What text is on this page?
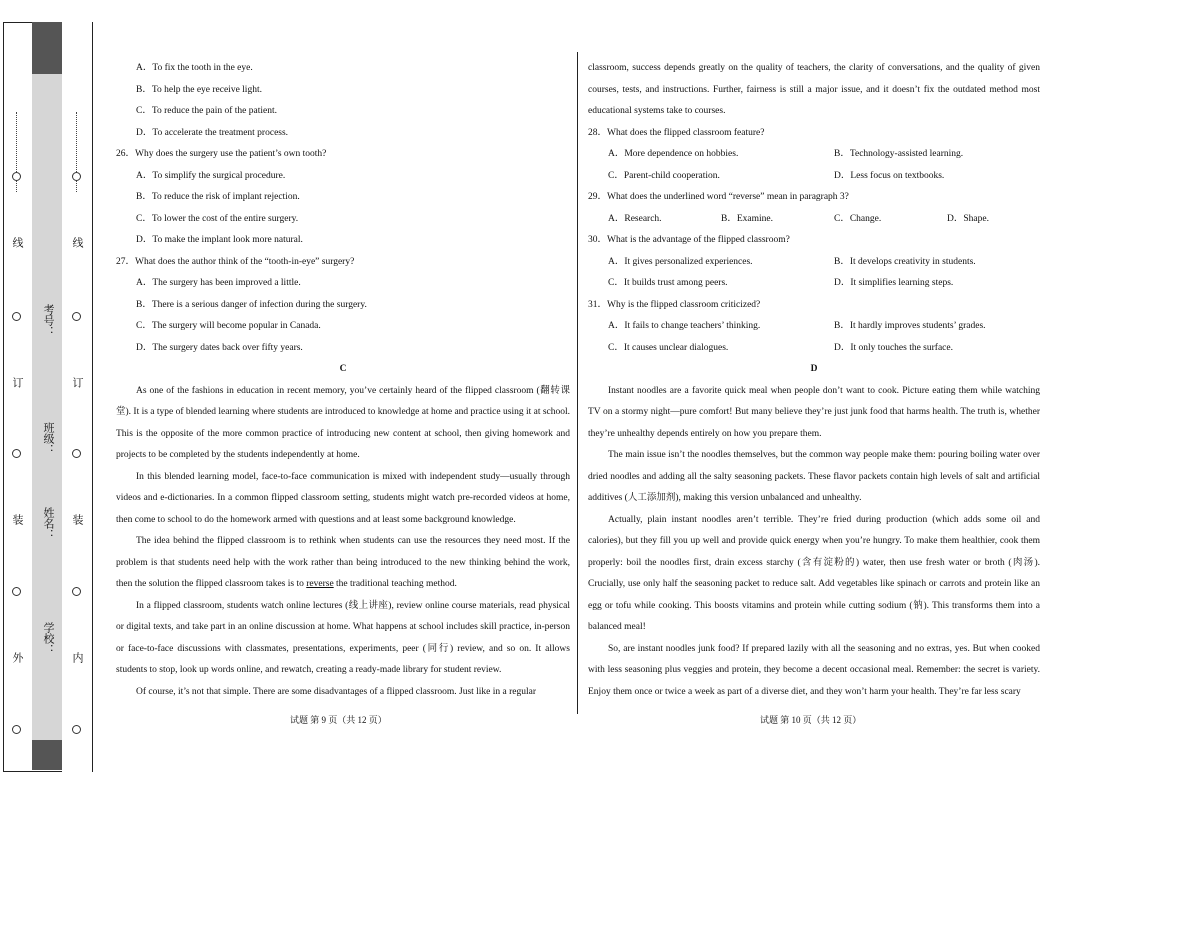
线
订
装
外
考号：
班级：
姓名：
学校：
线
订
装
内
A．To fix the tooth in the eye.
B．To help the eye receive light.
C．To reduce the pain of the patient.
D．To accelerate the treatment process.
26．Why does the surgery use the patient’s own tooth?
A．To simplify the surgical procedure.
B．To reduce the risk of implant rejection.
C．To lower the cost of the entire surgery.
D．To make the implant look more natural.
27．What does the author think of the “tooth-in-eye” surgery?
A．The surgery has been improved a little.
B．There is a serious danger of infection during the surgery.
C．The surgery will become popular in Canada.
D．The surgery dates back over fifty years.
C
As one of the fashions in education in recent memory, you’ve certainly heard of the flipped classroom (翻转课堂). It is a type of blended learning where students are introduced to knowledge at home and practice using it at school. This is the opposite of the more common practice of introducing new content at school, then giving homework and projects to be completed by the students independently at home.
In this blended learning model, face-to-face communication is mixed with independent study—usually through videos and e-dictionaries. In a common flipped classroom setting, students might watch pre-recorded videos at home, then come to school to do the homework armed with questions and at least some background knowledge.
The idea behind the flipped classroom is to rethink when students can use the resources they need most. If the problem is that students need help with the work rather than being introduced to the new thinking behind the work, then the solution the flipped classroom takes is to reverse the traditional teaching method.
In a flipped classroom, students watch online lectures (线上讲座), review online course materials, read physical or digital texts, and take part in an online discussion at home. What happens at school includes skill practice, in-person or face-to-face discussions with classmates, presentations, experiments, peer (同行) review, and so on. It allows students to stop, look up words online, and rewatch, creating a ready-made library for student review.
Of course, it’s not that simple. There are some disadvantages of a flipped classroom. Just like in a regular
classroom, success depends greatly on the quality of teachers, the clarity of conversations, and the quality of given courses, tests, and instructions. Further, fairness is still a major issue, and it doesn’t fix the outdated method most educational systems take to courses.
28．What does the flipped classroom feature?
A．More dependence on hobbies.	B．Technology-assisted learning.
C．Parent-child cooperation.	D．Less focus on textbooks.
29．What does the underlined word “reverse” mean in paragraph 3?
A．Research.	B．Examine.	C．Change.	D．Shape.
30．What is the advantage of the flipped classroom?
A．It gives personalized experiences.	B．It develops creativity in students.
C．It builds trust among peers.	D．It simplifies learning steps.
31．Why is the flipped classroom criticized?
A．It fails to change teachers’ thinking.	B．It hardly improves students’ grades.
C．It causes unclear dialogues.	D．It only touches the surface.
D
Instant noodles are a favorite quick meal when people don’t want to cook. Picture eating them while watching TV on a stormy night—pure comfort! But many believe they’re just junk food that harms health. The truth is, whether they’re unhealthy depends entirely on how you prepare them.
The main issue isn’t the noodles themselves, but the common way people make them: pouring boiling water over dried noodles and adding all the salty seasoning packets. These flavor packets contain high levels of salt and artificial additives (人工添加剂), making this version unbalanced and unhealthy.
Actually, plain instant noodles aren’t terrible. They’re fried during production (which adds some oil and calories), but they fill you up well and provide quick energy when you’re hungry. To make them healthier, cook them properly: boil the noodles first, drain excess starchy (含有淀粉的) water, then use fresh water or broth (肉汤). Crucially, use only half the seasoning packet to reduce salt. Add vegetables like spinach or carrots and protein like an egg or tofu while cooking. This boosts vitamins and protein while cutting sodium (钠). This transforms them into a balanced meal!
So, are instant noodles junk food? If prepared lazily with all the seasoning and no extras, yes. But when cooked with less seasoning plus veggies and protein, they become a decent occasional meal. Remember: the secret is variety. Enjoy them once or twice a week as part of a diverse diet, and they won’t harm your health. They’re far less scary
试题 第 9 页（共 12 页）	试题 第 10 页（共 12 页）
